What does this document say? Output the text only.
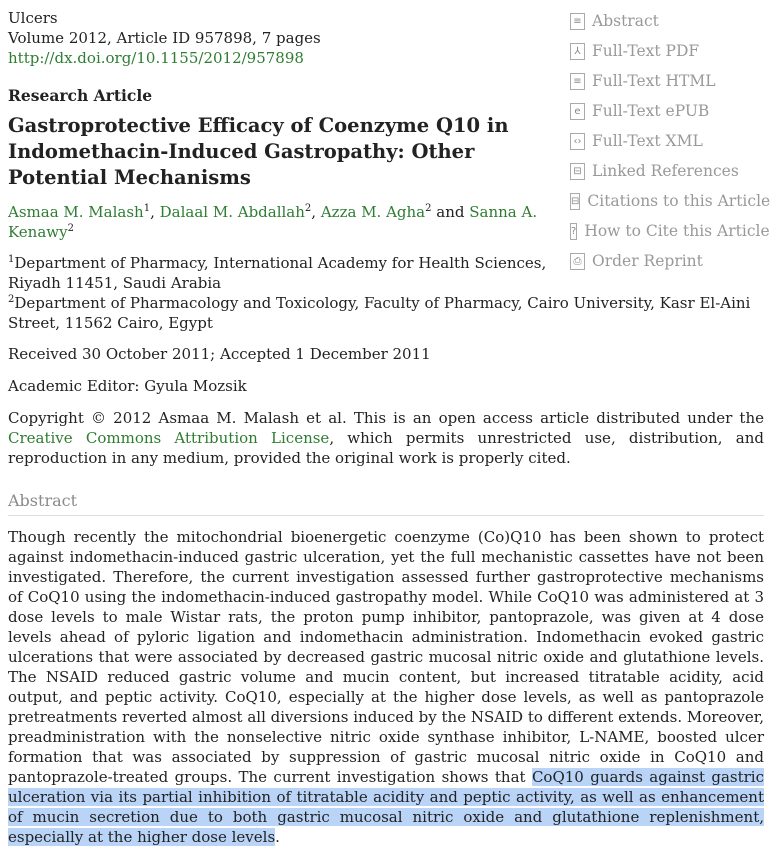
Ulcers
Volume 2012, Article ID 957898, 7 pages
http://dx.doi.org/10.1155/2012/957898
≡ Abstract
⅄ Full-Text PDF
≡ Full-Text HTML
e Full-Text ePUB
‹› Full-Text XML
⊟ Linked References
⊟ Citations to this Article
? How to Cite this Article
⎙ Order Reprint
Research Article
Gastroprotective Efficacy of Coenzyme Q10 in Indomethacin-Induced Gastropathy: Other Potential Mechanisms
Asmaa M. Malash$^1$, Dalaal M. Abdallah$^2$, Azza M. Agha$^2$ and Sanna A. Kenawy$^2$
$^1$Department of Pharmacy, International Academy for Health Sciences, Riyadh 11451, Saudi Arabia
$^2$Department of Pharmacology and Toxicology, Faculty of Pharmacy, Cairo University, Kasr El-Aini Street, 11562 Cairo, Egypt
Received 30 October 2011; Accepted 1 December 2011
Academic Editor: Gyula Mozsik
Copyright © 2012 Asmaa M. Malash et al. This is an open access article distributed under the Creative Commons Attribution License, which permits unrestricted use, distribution, and reproduction in any medium, provided the original work is properly cited.
Abstract
Though recently the mitochondrial bioenergetic coenzyme (Co)Q10 has been shown to protect against indomethacin-induced gastric ulceration, yet the full mechanistic cassettes have not been investigated. Therefore, the current investigation assessed further gastroprotective mechanisms of CoQ10 using the indomethacin-induced gastropathy model. While CoQ10 was administered at 3 dose levels to male Wistar rats, the proton pump inhibitor, pantoprazole, was given at 4 dose levels ahead of pyloric ligation and indomethacin administration. Indomethacin evoked gastric ulcerations that were associated by decreased gastric mucosal nitric oxide and glutathione levels. The NSAID reduced gastric volume and mucin content, but increased titratable acidity, acid output, and peptic activity. CoQ10, especially at the higher dose levels, as well as pantoprazole pretreatments reverted almost all diversions induced by the NSAID to different extends. Moreover, preadministration with the nonselective nitric oxide synthase inhibitor, L-NAME, boosted ulcer formation that was associated by suppression of gastric mucosal nitric oxide in CoQ10 and pantoprazole-treated groups. The current investigation shows that CoQ10 guards against gastric ulceration via its partial inhibition of titratable acidity and peptic activity, as well as enhancement of mucin secretion due to both gastric mucosal nitric oxide and glutathione replenishment, especially at the higher dose levels.
